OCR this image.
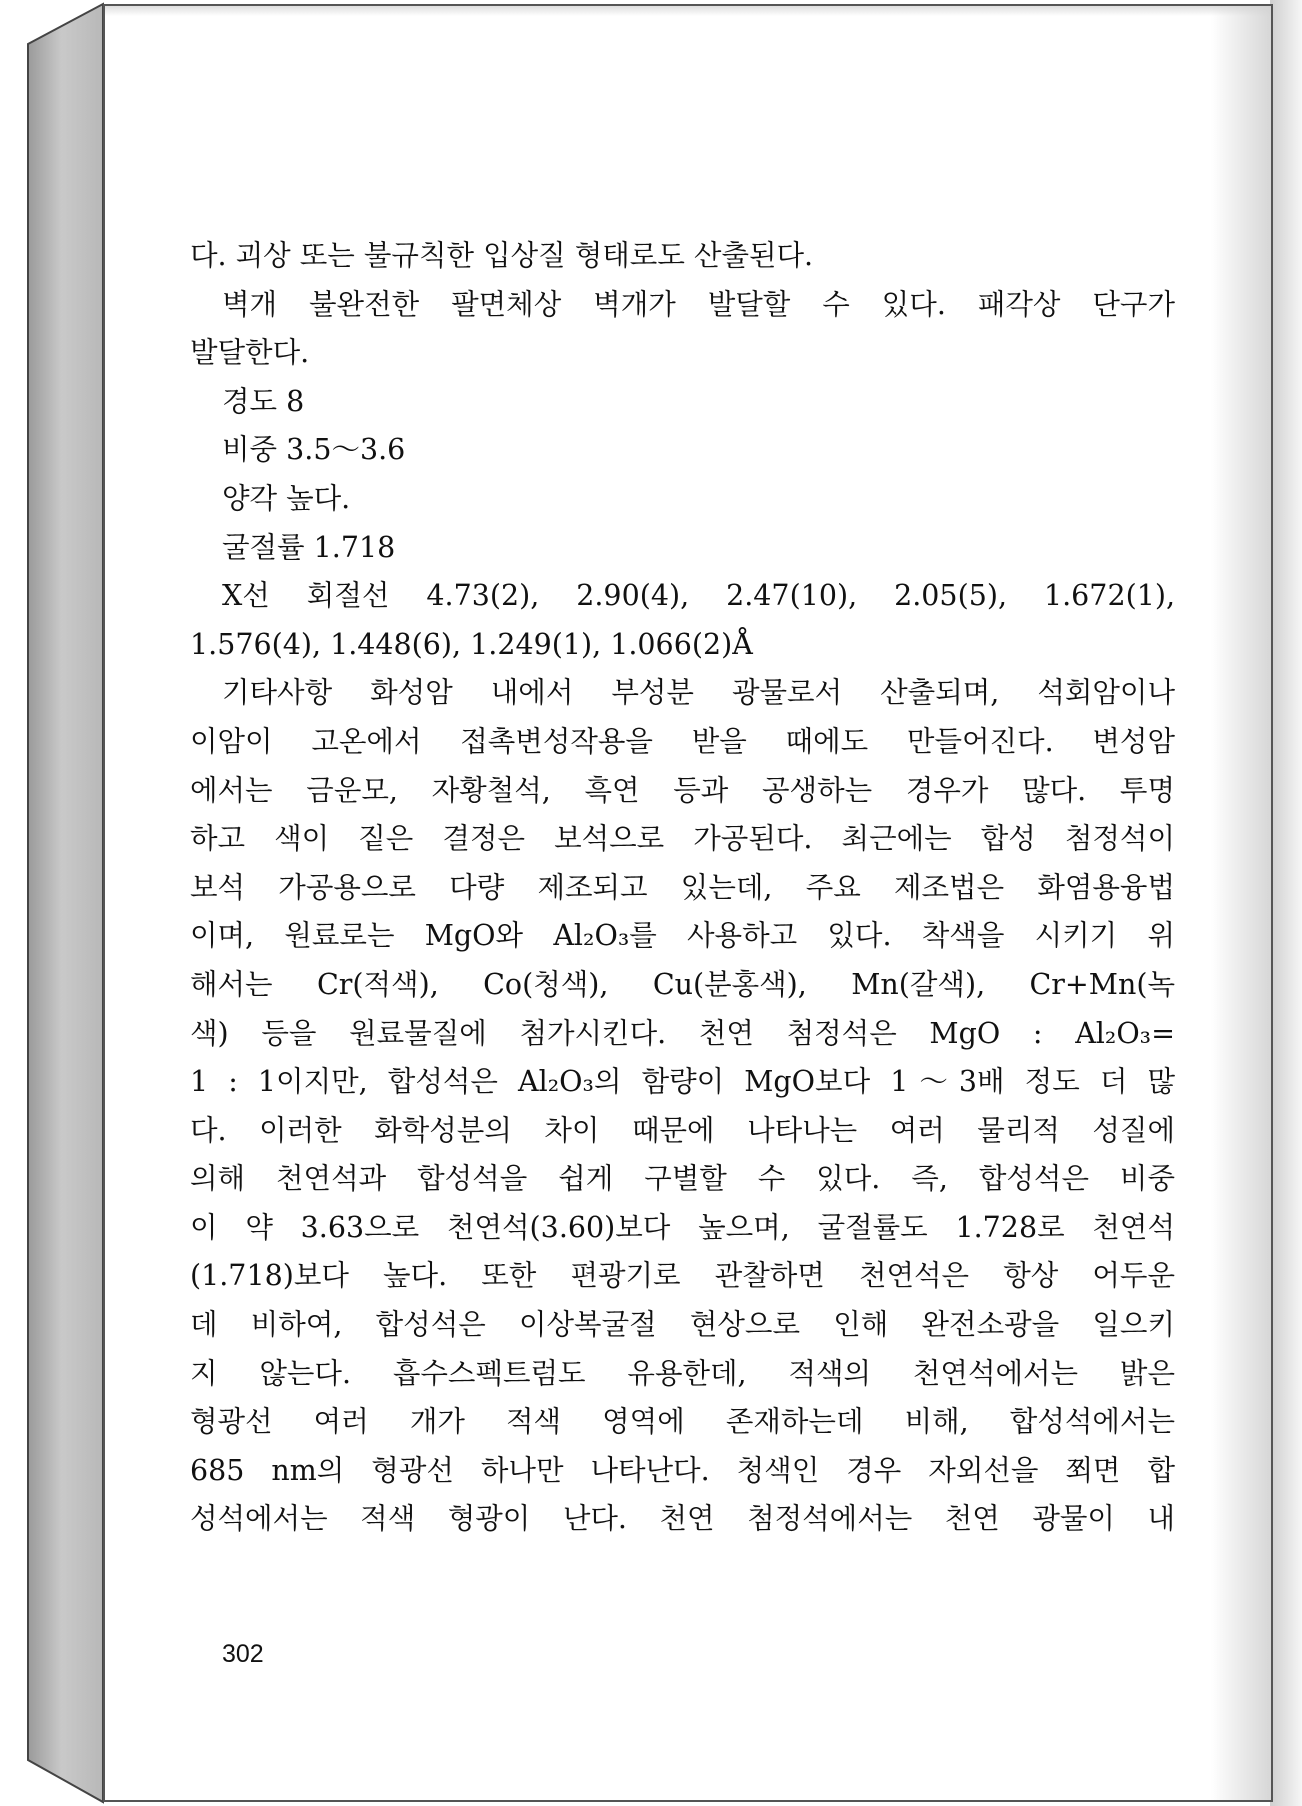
다. 괴상 또는 불규칙한 입상질 형태로도 산출된다.
벽개 불완전한 팔면체상 벽개가 발달할 수 있다. 패각상 단구가
발달한다.
경도 8
비중 3.5～3.6
양각 높다.
굴절률 1.718
X선 회절선 4.73(2), 2.90(4), 2.47(10), 2.05(5), 1.672(1),
1.576(4), 1.448(6), 1.249(1), 1.066(2)Å
기타사항 화성암 내에서 부성분 광물로서 산출되며, 석회암이나
이암이 고온에서 접촉변성작용을 받을 때에도 만들어진다. 변성암
에서는 금운모, 자황철석, 흑연 등과 공생하는 경우가 많다. 투명
하고 색이 짙은 결정은 보석으로 가공된다. 최근에는 합성 첨정석이
보석 가공용으로 다량 제조되고 있는데, 주요 제조법은 화염용융법
이며, 원료로는 MgO와 Al₂O₃를 사용하고 있다. 착색을 시키기 위
해서는 Cr(적색), Co(청색), Cu(분홍색), Mn(갈색), Cr+Mn(녹
색) 등을 원료물질에 첨가시킨다. 천연 첨정석은 MgO : Al₂O₃=
1 : 1이지만, 합성석은 Al₂O₃의 함량이 MgO보다 1～3배 정도 더 많
다. 이러한 화학성분의 차이 때문에 나타나는 여러 물리적 성질에
의해 천연석과 합성석을 쉽게 구별할 수 있다. 즉, 합성석은 비중
이 약 3.63으로 천연석(3.60)보다 높으며, 굴절률도 1.728로 천연석
(1.718)보다 높다. 또한 편광기로 관찰하면 천연석은 항상 어두운
데 비하여, 합성석은 이상복굴절 현상으로 인해 완전소광을 일으키
지 않는다. 흡수스펙트럼도 유용한데, 적색의 천연석에서는 밝은
형광선 여러 개가 적색 영역에 존재하는데 비해, 합성석에서는
685 nm의 형광선 하나만 나타난다. 청색인 경우 자외선을 쬐면 합
성석에서는 적색 형광이 난다. 천연 첨정석에서는 천연 광물이 내
302
